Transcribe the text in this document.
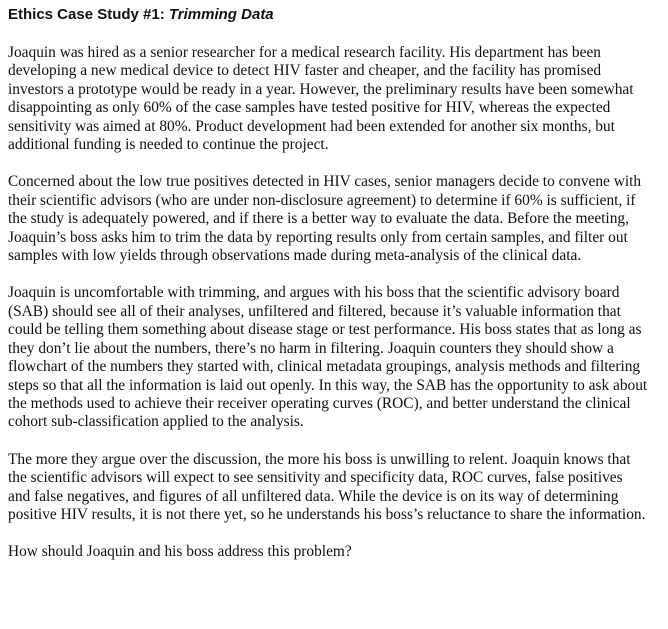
Ethics Case Study #1: Trimming Data

Joaquin was hired as a senior researcher for a medical research facility. His department has been developing a new medical device to detect HIV faster and cheaper, and the facility has promised investors a prototype would be ready in a year. However, the preliminary results have been somewhat disappointing as only 60% of the case samples have tested positive for HIV, whereas the expected sensitivity was aimed at 80%. Product development had been extended for another six months, but additional funding is needed to continue the project.

Concerned about the low true positives detected in HIV cases, senior managers decide to convene with their scientific advisors (who are under non-disclosure agreement) to determine if 60% is sufficient, if the study is adequately powered, and if there is a better way to evaluate the data. Before the meeting, Joaquin’s boss asks him to trim the data by reporting results only from certain samples, and filter out samples with low yields through observations made during meta-analysis of the clinical data.

Joaquin is uncomfortable with trimming, and argues with his boss that the scientific advisory board (SAB) should see all of their analyses, unfiltered and filtered, because it’s valuable information that could be telling them something about disease stage or test performance. His boss states that as long as they don’t lie about the numbers, there’s no harm in filtering. Joaquin counters they should show a flowchart of the numbers they started with, clinical metadata groupings, analysis methods and filtering steps so that all the information is laid out openly. In this way, the SAB has the opportunity to ask about the methods used to achieve their receiver operating curves (ROC), and better understand the clinical cohort sub-classification applied to the analysis.

The more they argue over the discussion, the more his boss is unwilling to relent. Joaquin knows that the scientific advisors will expect to see sensitivity and specificity data, ROC curves, false positives and false negatives, and figures of all unfiltered data. While the device is on its way of determining positive HIV results, it is not there yet, so he understands his boss’s reluctance to share the information.

How should Joaquin and his boss address this problem?
